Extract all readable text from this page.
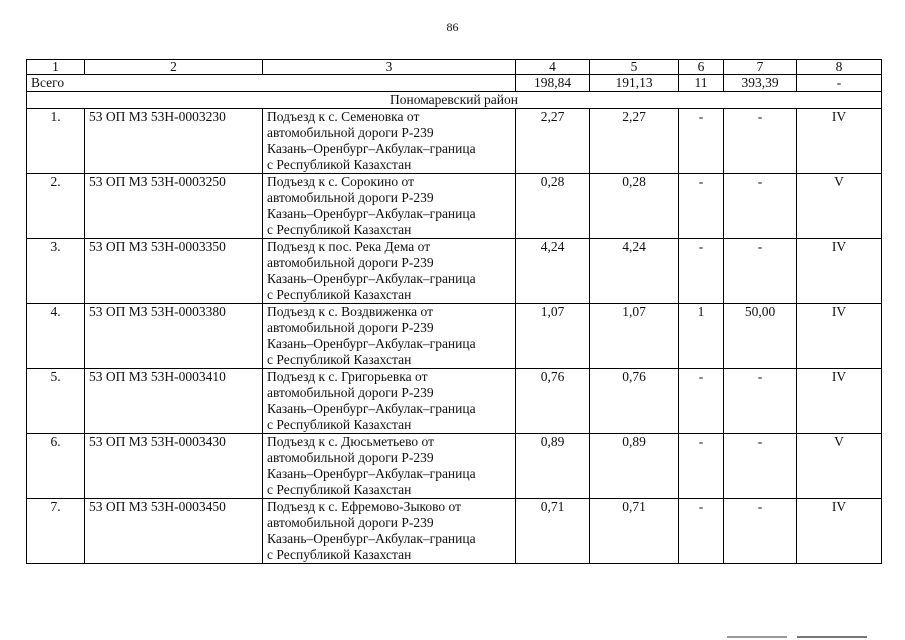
86
1	2	3	4	5	6	7	8
Всего			198,84	191,13	11	393,39	-
Пономаревский район							
1.	53 ОП МЗ 53Н-0003230	Подъезд к с. Семеновка от
автомобильной дороги Р-239
Казань–Оренбург–Акбулак–граница
с Республикой Казахстан	2,27	2,27	-	-	IV
2.	53 ОП МЗ 53Н-0003250	Подъезд к с. Сорокино от
автомобильной дороги Р-239
Казань–Оренбург–Акбулак–граница
с Республикой Казахстан	0,28	0,28	-	-	V
3.	53 ОП МЗ 53Н-0003350	Подъезд к пос. Река Дема от
автомобильной дороги Р-239
Казань–Оренбург–Акбулак–граница
с Республикой Казахстан	4,24	4,24	-	-	IV
4.	53 ОП МЗ 53Н-0003380	Подъезд к с. Воздвиженка от
автомобильной дороги Р-239
Казань–Оренбург–Акбулак–граница
с Республикой Казахстан	1,07	1,07	1	50,00	IV
5.	53 ОП МЗ 53Н-0003410	Подъезд к с. Григорьевка от
автомобильной дороги Р-239
Казань–Оренбург–Акбулак–граница
с Республикой Казахстан	0,76	0,76	-	-	IV
6.	53 ОП МЗ 53Н-0003430	Подъезд к с. Дюсьметьево от
автомобильной дороги Р-239
Казань–Оренбург–Акбулак–граница
с Республикой Казахстан	0,89	0,89	-	-	V
7.	53 ОП МЗ 53Н-0003450	Подъезд к с. Ефремово-Зыково от
автомобильной дороги Р-239
Казань–Оренбург–Акбулак–граница
с Республикой Казахстан	0,71	0,71	-	-	IV
